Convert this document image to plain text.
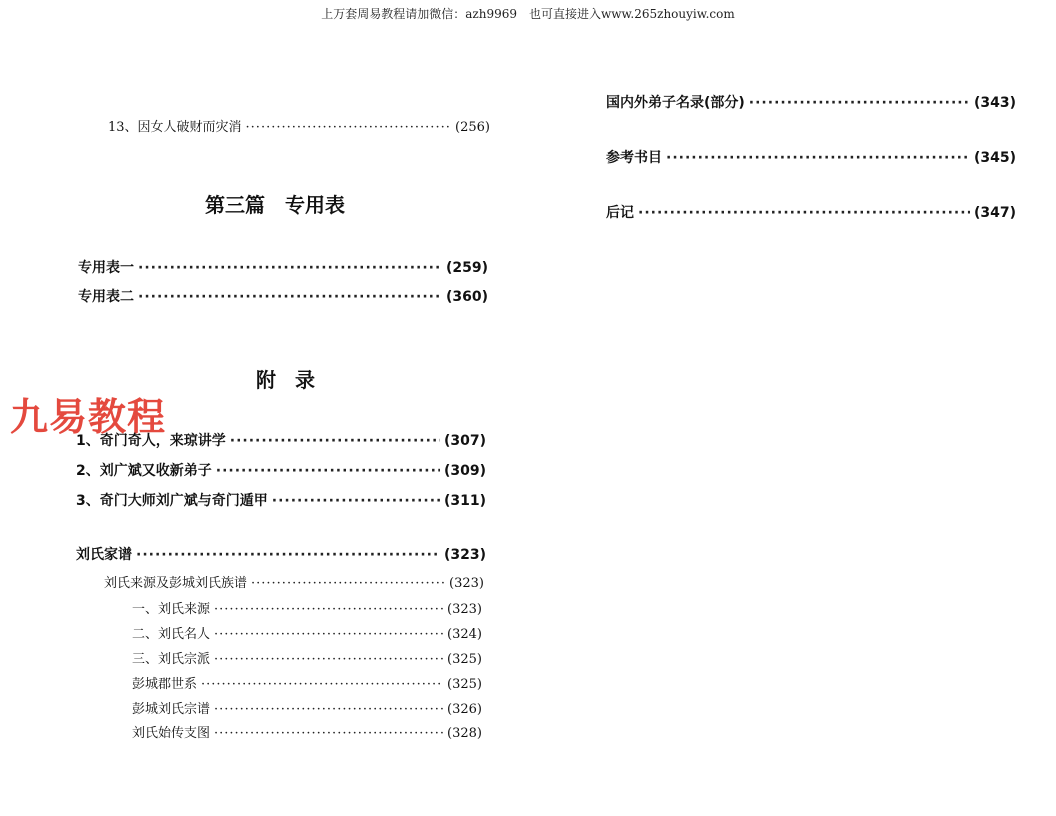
上万套周易教程请加微信：azh9969　也可直接进入www.265zhouyiw.com
九易教程
13、因女人破财而灾消 ·····	(256)
第三篇　专用表
专用表一 ·····	(259)
专用表二 ·····	(360)
附 录
1、奇门奇人，来琼讲学 ·····	(307)
2、刘广斌又收新弟子 ·····	(309)
3、奇门大师刘广斌与奇门遁甲 ·····	(311)
刘氏家谱 ·····	(323)
刘氏来源及彭城刘氏族谱 ·····	(323)
一、刘氏来源 ·····	(323)
二、刘氏名人 ·····	(324)
三、刘氏宗派 ·····	(325)
彭城郡世系 ·····	(325)
彭城刘氏宗谱 ·····	(326)
刘氏始传支图 ·····	(328)
国内外弟子名录(部分) ·····	(343)
参考书目 ·····	(345)
后记 ·····	(347)
